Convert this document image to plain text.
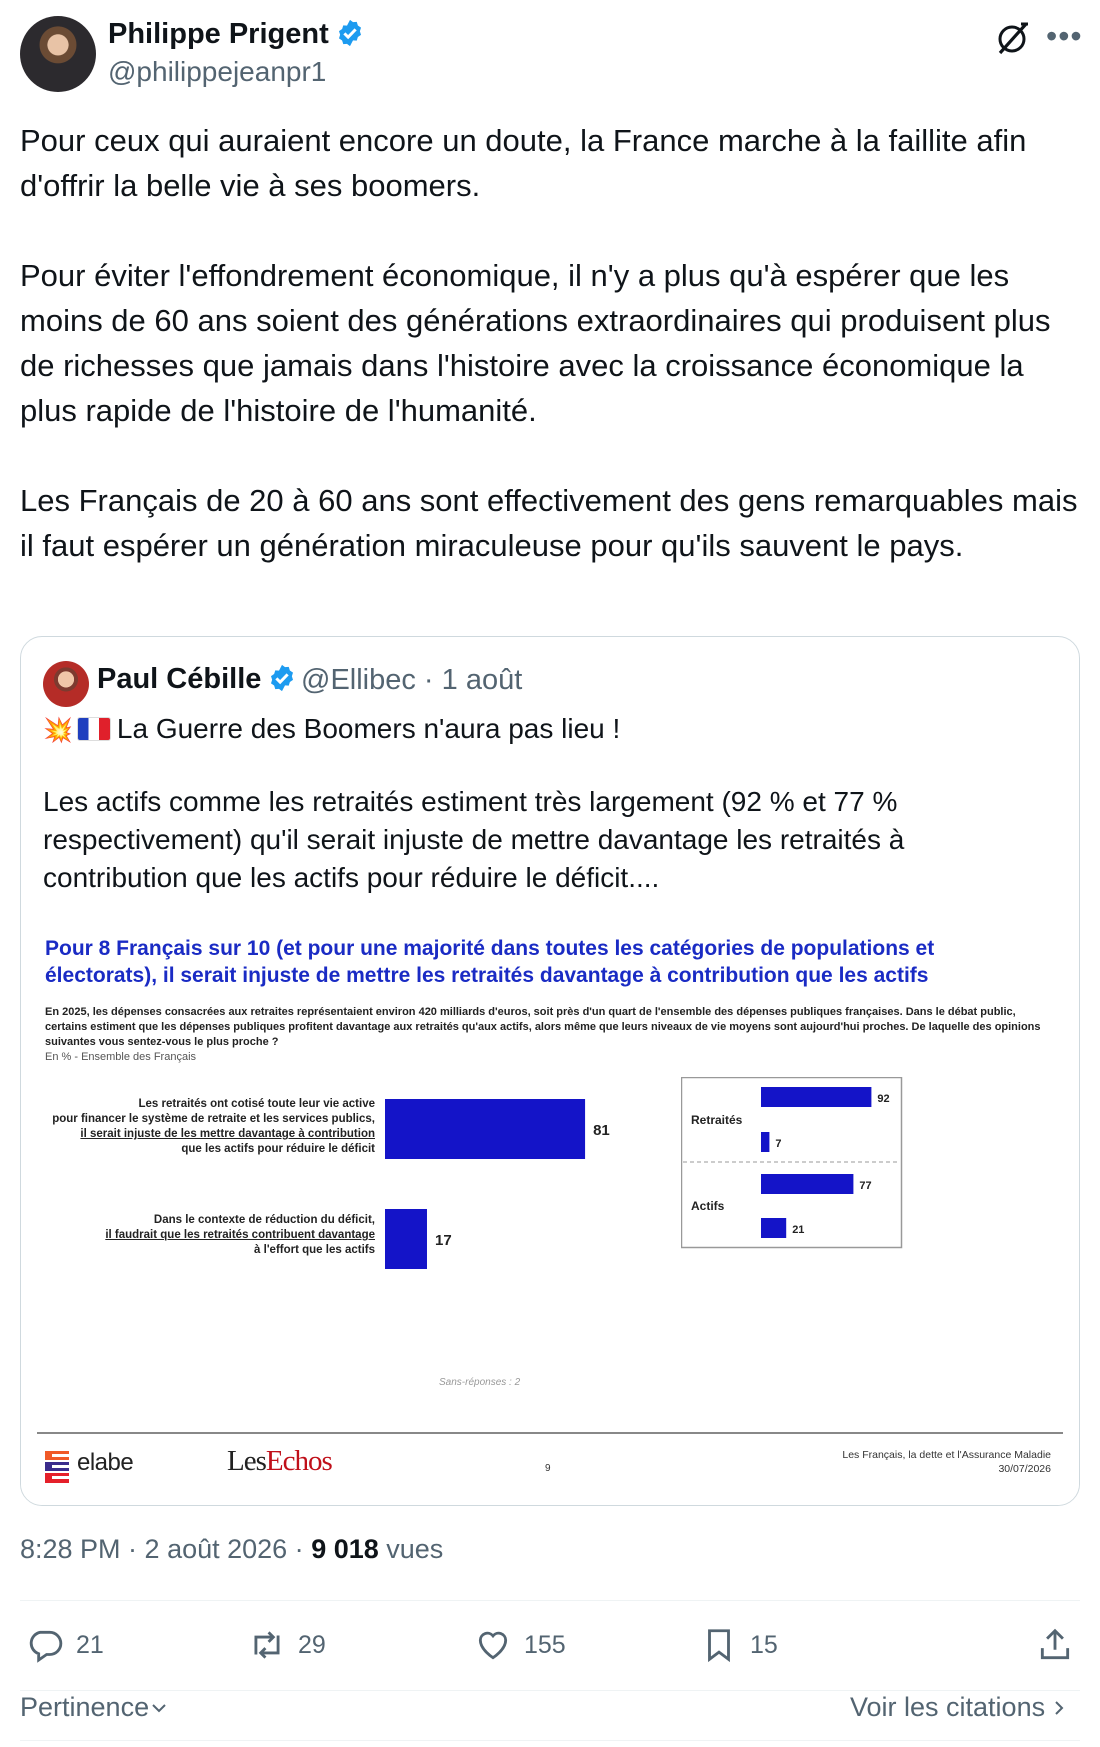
Philippe Prigent
@philippejeanpr1
•••

Pour ceux qui auraient encore un doute, la France marche à la faillite afin d'offrir la belle vie à ses boomers.

Pour éviter l'effondrement économique, il n'y a plus qu'à espérer que les moins de 60 ans soient des générations extraordinaires qui produisent plus de richesses que jamais dans l'histoire avec la croissance économique la plus rapide de l'histoire de l'humanité.

Les Français de 20 à 60 ans sont effectivement des gens remarquables mais il faut espérer un génération miraculeuse pour qu'ils sauvent le pays.

Paul Cébille	@Ellibec · 1 août
💥 La Guerre des Boomers n'aura pas lieu !
Les actifs comme les retraités estiment très largement (92 % et 77 % respectivement) qu'il serait injuste de mettre davantage les retraités à contribution que les actifs pour réduire le déficit....
Pour 8 Français sur 10 (et pour une majorité dans toutes les catégories de populations et électorats), il serait injuste de mettre les retraités davantage à contribution que les actifs
En 2025, les dépenses consacrées aux retraites représentaient environ 420 milliards d'euros, soit près d'un quart de l'ensemble des dépenses publiques françaises. Dans le débat public, certains estiment que les dépenses publiques profitent davantage aux retraités qu'aux actifs, alors même que leurs niveaux de vie moyens sont aujourd'hui proches. De laquelle des opinions suivantes vous sentez-vous le plus proche ?
En % - Ensemble des Français
Les retraités ont cotisé toute leur vie active
pour financer le système de retraite et les services publics,
il serait injuste de les mettre davantage à contribution
que les actifs pour réduire le déficit
Dans le contexte de réduction du déficit,
il faudrait que les retraités contribuent davantage
à l'effort que les actifs
81
17
Retraités
92
7
Actifs
77
21
Sans-réponses : 2
elabe	LesEchos	9
Les Français, la dette et l'Assurance Maladie
30/07/2026
8:28 PM · 2 août 2026 · 9 018 vues
21	29	155	15
Pertinence	Voir les citations
